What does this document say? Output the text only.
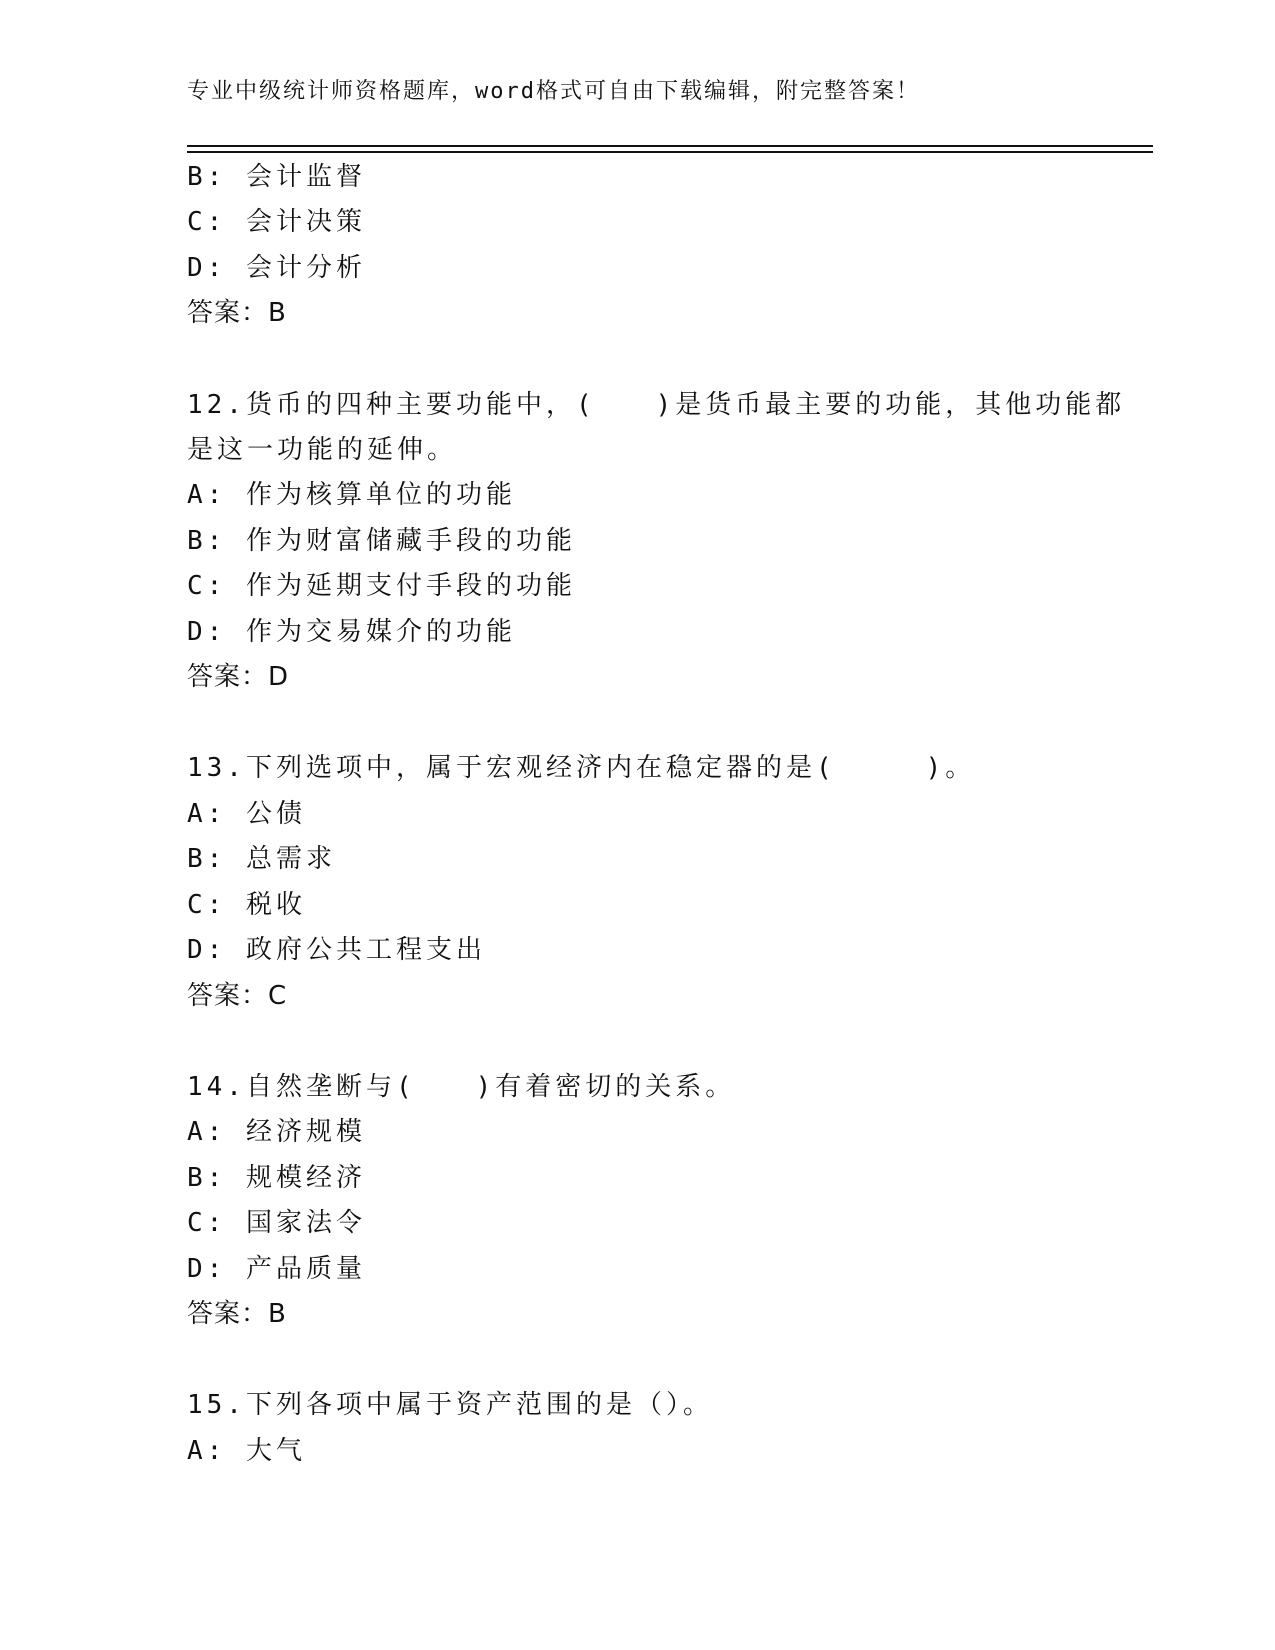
专业中级统计师资格题库，word格式可自由下载编辑，附完整答案！
B: 会计监督
C: 会计决策
D: 会计分析
答案：B
12.货币的四种主要功能中，(　　)是货币最主要的功能，其他功能都
是这一功能的延伸。
A: 作为核算单位的功能
B: 作为财富储藏手段的功能
C: 作为延期支付手段的功能
D: 作为交易媒介的功能
答案：D
13.下列选项中，属于宏观经济内在稳定器的是(　　　)。
A: 公债
B: 总需求
C: 税收
D: 政府公共工程支出
答案：C
14.自然垄断与(　　)有着密切的关系。
A: 经济规模
B: 规模经济
C: 国家法令
D: 产品质量
答案：B
15.下列各项中属于资产范围的是（）。
A: 大气
